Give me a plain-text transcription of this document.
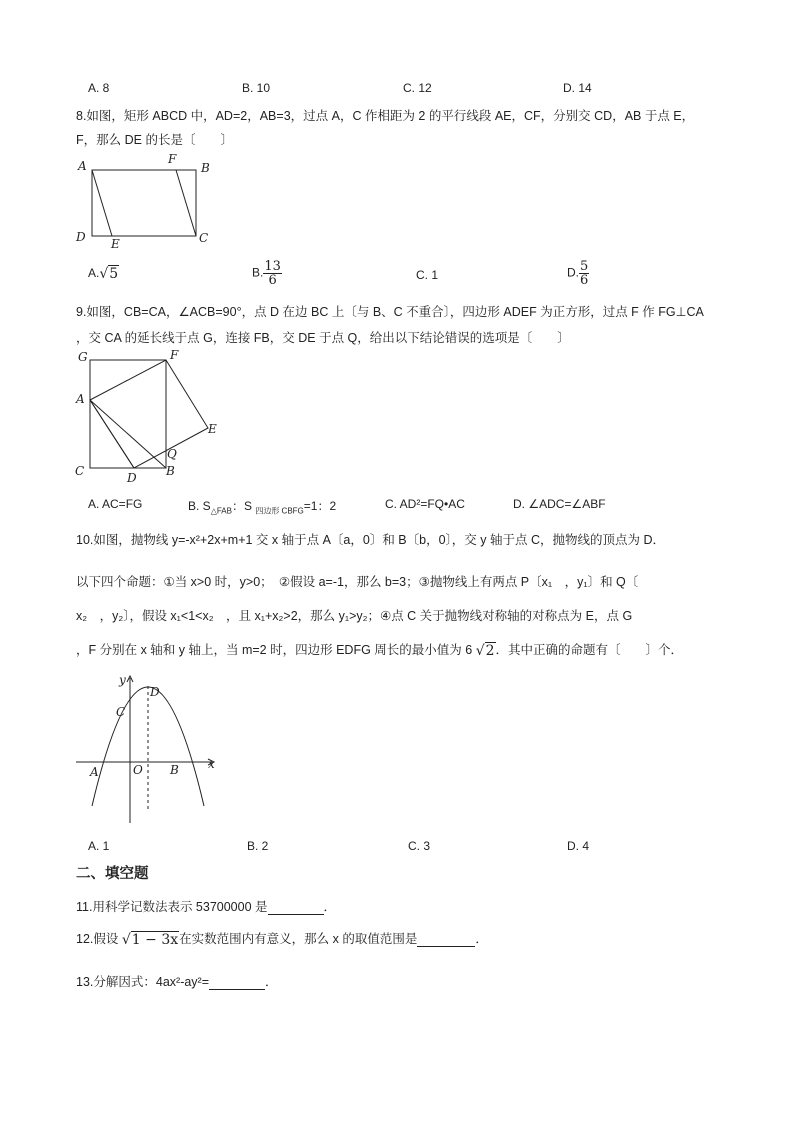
A. 8	B. 10	C. 12	D. 14
8.如图，矩形 ABCD 中，AD=2，AB=3，过点 A，C 作相距为 2 的平行线段 AE，CF，分别交 CD，AB 于点 E，
F，那么 DE 的长是〔　　〕
A	F
B
D E	C
A.√5	B. $\frac{13}{6}$	C. 1	D. $\frac{5}{6}$
9.如图，CB=CA，∠ACB=90°，点 D 在边 BC 上〔与 B、C 不重合〕，四边形 ADEF 为正方形，过点 F 作 FG⊥CA
，交 CA 的延长线于点 G，连接 FB，交 DE 于点 Q，给出以下结论错误的选项是〔　　〕
G	F
A
E
Q
C	D B
A. AC=FG	B. $S_{\triangle FAB}$：S $_{四边形 CBFG}$=1：2	C. AD²=FQ•AC	D. ∠ADC=∠ABF
10.如图，抛物线 y=-x²+2x+m+1 交 x 轴于点 A〔a，0〕和 B〔b，0〕，交 y 轴于点 C，抛物线的顶点为 D．
以下四个命题：①当 x>0 时，y>0；　②假设 a=-1，那么 b=3；③抛物线上有两点 P〔x₁　，y₁〕和 Q〔
x₂　，y₂〕，假设 x₁<1<x₂　，且 x₁+x₂>2，那么 y₁>y₂；④点 C 关于抛物线对称轴的对称点为 E，点 G
，F 分别在 x 轴和 y 轴上，当 m=2 时，四边形 EDFG 周长的最小值为 6 √2．其中正确的命题有〔　　〕个．
y
x
D
C
A	O B
A. 1	B. 2	C. 3	D. 4
二、填空题
11.用科学记数法表示 53700000 是	．
12.假设 √1 − 3x在实数范围内有意义，那么 x 的取值范围是	．
13.分解因式：4ax²-ay²=	．
